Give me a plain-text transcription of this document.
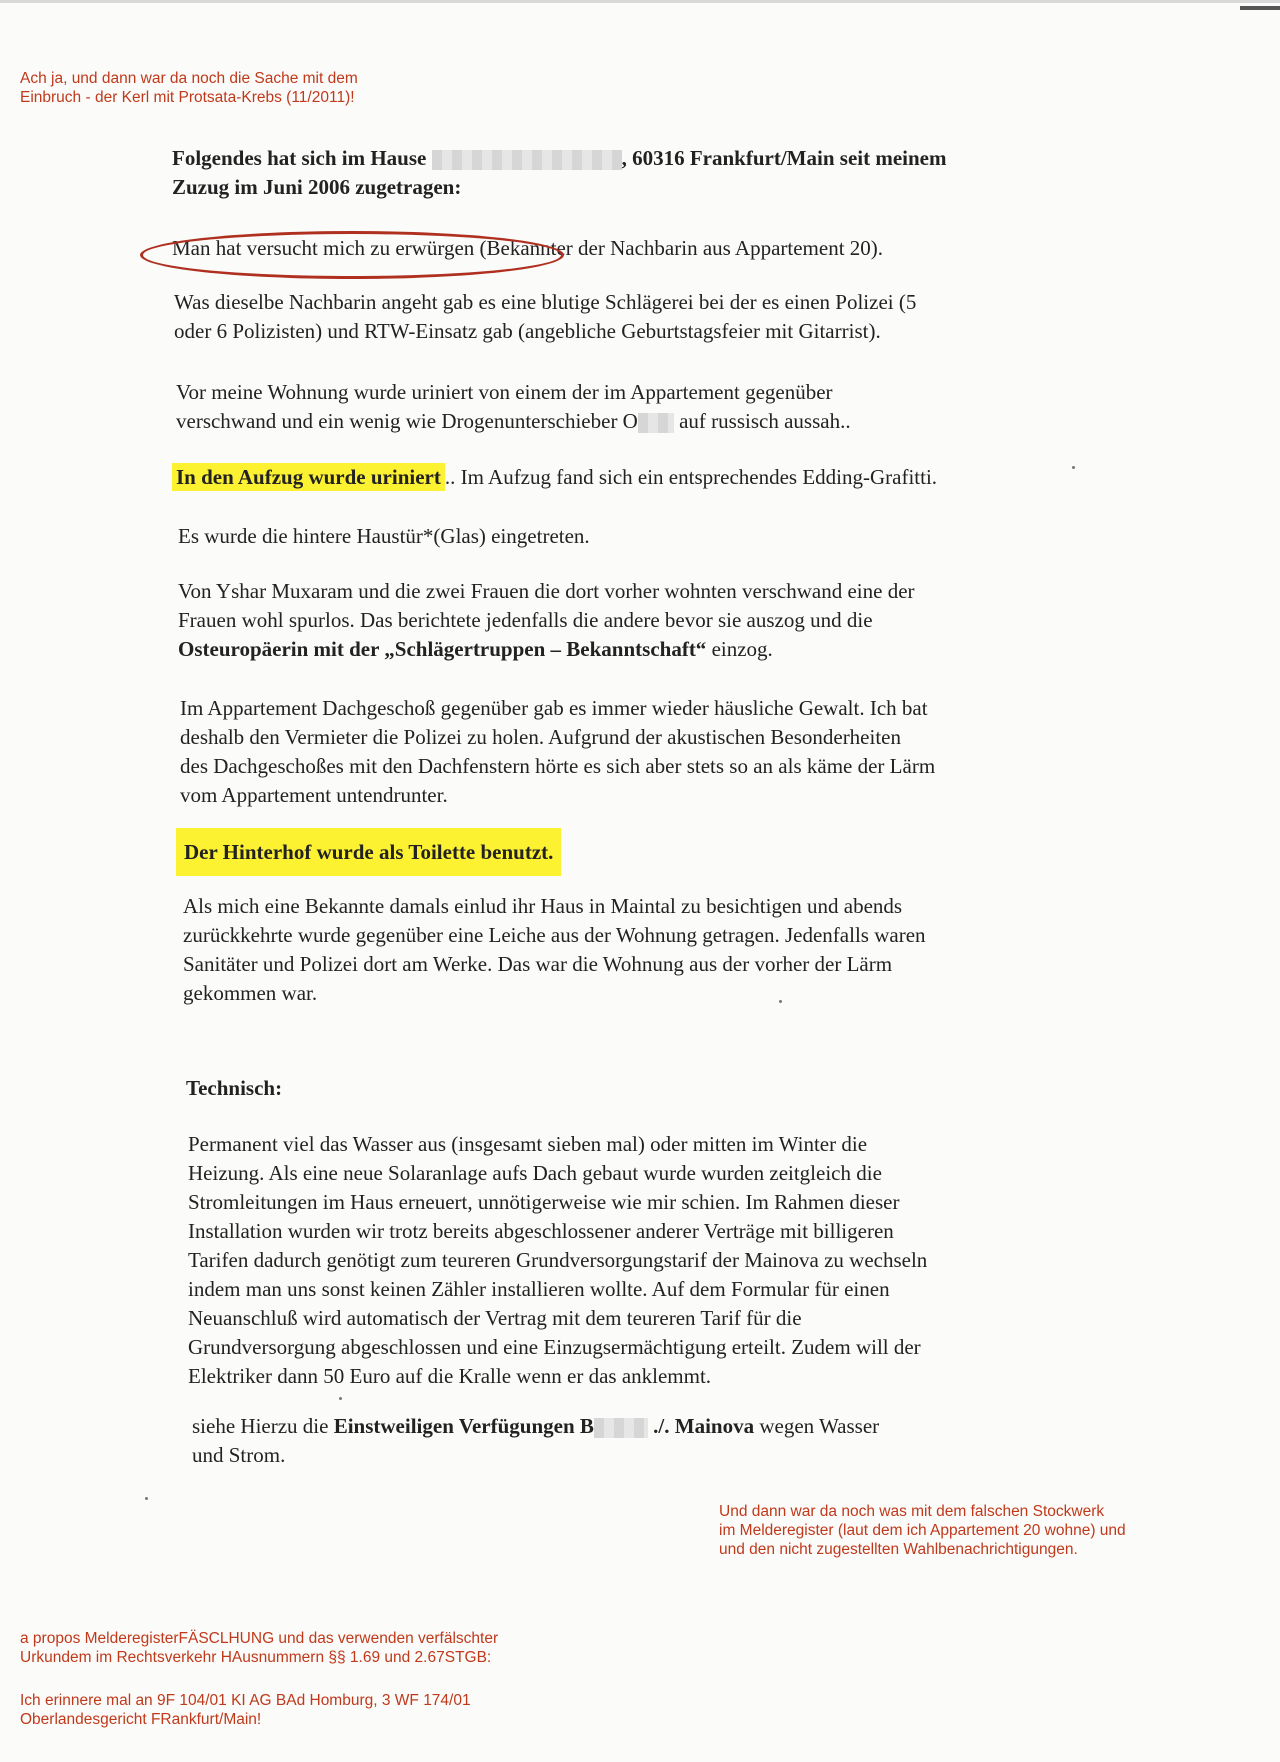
Ach ja, und dann war da noch die Sache mit dem
Einbruch - der Kerl mit Protsata-Krebs (11/2011)!
Folgendes hat sich im Hause	, 60316 Frankfurt/Main seit meinem
Zuzug im Juni 2006 zugetragen:

Man hat versucht mich zu erwürgen (Bekannter der Nachbarin aus Appartement 20).

Was dieselbe Nachbarin angeht gab es eine blutige Schlägerei bei der es einen Polizei (5

oder 6 Polizisten) und RTW-Einsatz gab (angebliche Geburtstagsfeier mit Gitarrist).

Vor meine Wohnung wurde uriniert von einem der im Appartement gegenüber

verschwand und ein wenig wie Drogenunterschieber O auf russisch aussah..

In den Aufzug wurde uriniert .. Im Aufzug fand sich ein entsprechendes Edding-Grafitti.

Es wurde die hintere Haustür*(Glas) eingetreten.

Von Yshar Muxaram und die zwei Frauen die dort vorher wohnten verschwand eine der

Frauen wohl spurlos. Das berichtete jedenfalls die andere bevor sie auszog und die

Osteuropäerin mit der „Schlägertruppen – Bekanntschaft“ einzog.

Im Appartement Dachgeschoß gegenüber gab es immer wieder häusliche Gewalt. Ich bat

deshalb den Vermieter die Polizei zu holen. Aufgrund der akustischen Besonderheiten

des Dachgeschoßes mit den Dachfenstern hörte es sich aber stets so an als käme der Lärm

vom Appartement untendrunter.

Der Hinterhof wurde als Toilette benutzt.

Als mich eine Bekannte damals einlud ihr Haus in Maintal zu besichtigen und abends

zurückkehrte wurde gegenüber eine Leiche aus der Wohnung getragen. Jedenfalls waren

Sanitäter und Polizei dort am Werke. Das war die Wohnung aus der vorher der Lärm

gekommen war.

Technisch:

Permanent viel das Wasser aus (insgesamt sieben mal) oder mitten im Winter die

Heizung. Als eine neue Solaranlage aufs Dach gebaut wurde wurden zeitgleich die

Stromleitungen im Haus erneuert, unnötigerweise wie mir schien. Im Rahmen dieser

Installation wurden wir trotz bereits abgeschlossener anderer Verträge mit billigeren

Tarifen dadurch genötigt zum teureren Grundversorgungstarif der Mainova zu wechseln

indem man uns sonst keinen Zähler installieren wollte. Auf dem Formular für einen

Neuanschluß wird automatisch der Vertrag mit dem teureren Tarif für die

Grundversorgung abgeschlossen und eine Einzugsermächtigung erteilt. Zudem will der

Elektriker dann 50 Euro auf die Kralle wenn er das anklemmt.

siehe Hierzu die Einstweiligen Verfügungen B	./. Mainova wegen Wasser

und Strom.

Und dann war da noch was mit dem falschen Stockwerk
im Melderegister (laut dem ich Appartement 20 wohne) und
und den nicht zugestellten Wahlbenachrichtigungen.
a propos MelderegisterFÄSCLHUNG und das verwenden verfälschter
Urkundem im Rechtsverkehr HAusnummern §§ 1.69 und 2.67STGB:
Ich erinnere mal an 9F 104/01 KI AG BAd Homburg, 3 WF 174/01
Oberlandesgericht FRankfurt/Main!
